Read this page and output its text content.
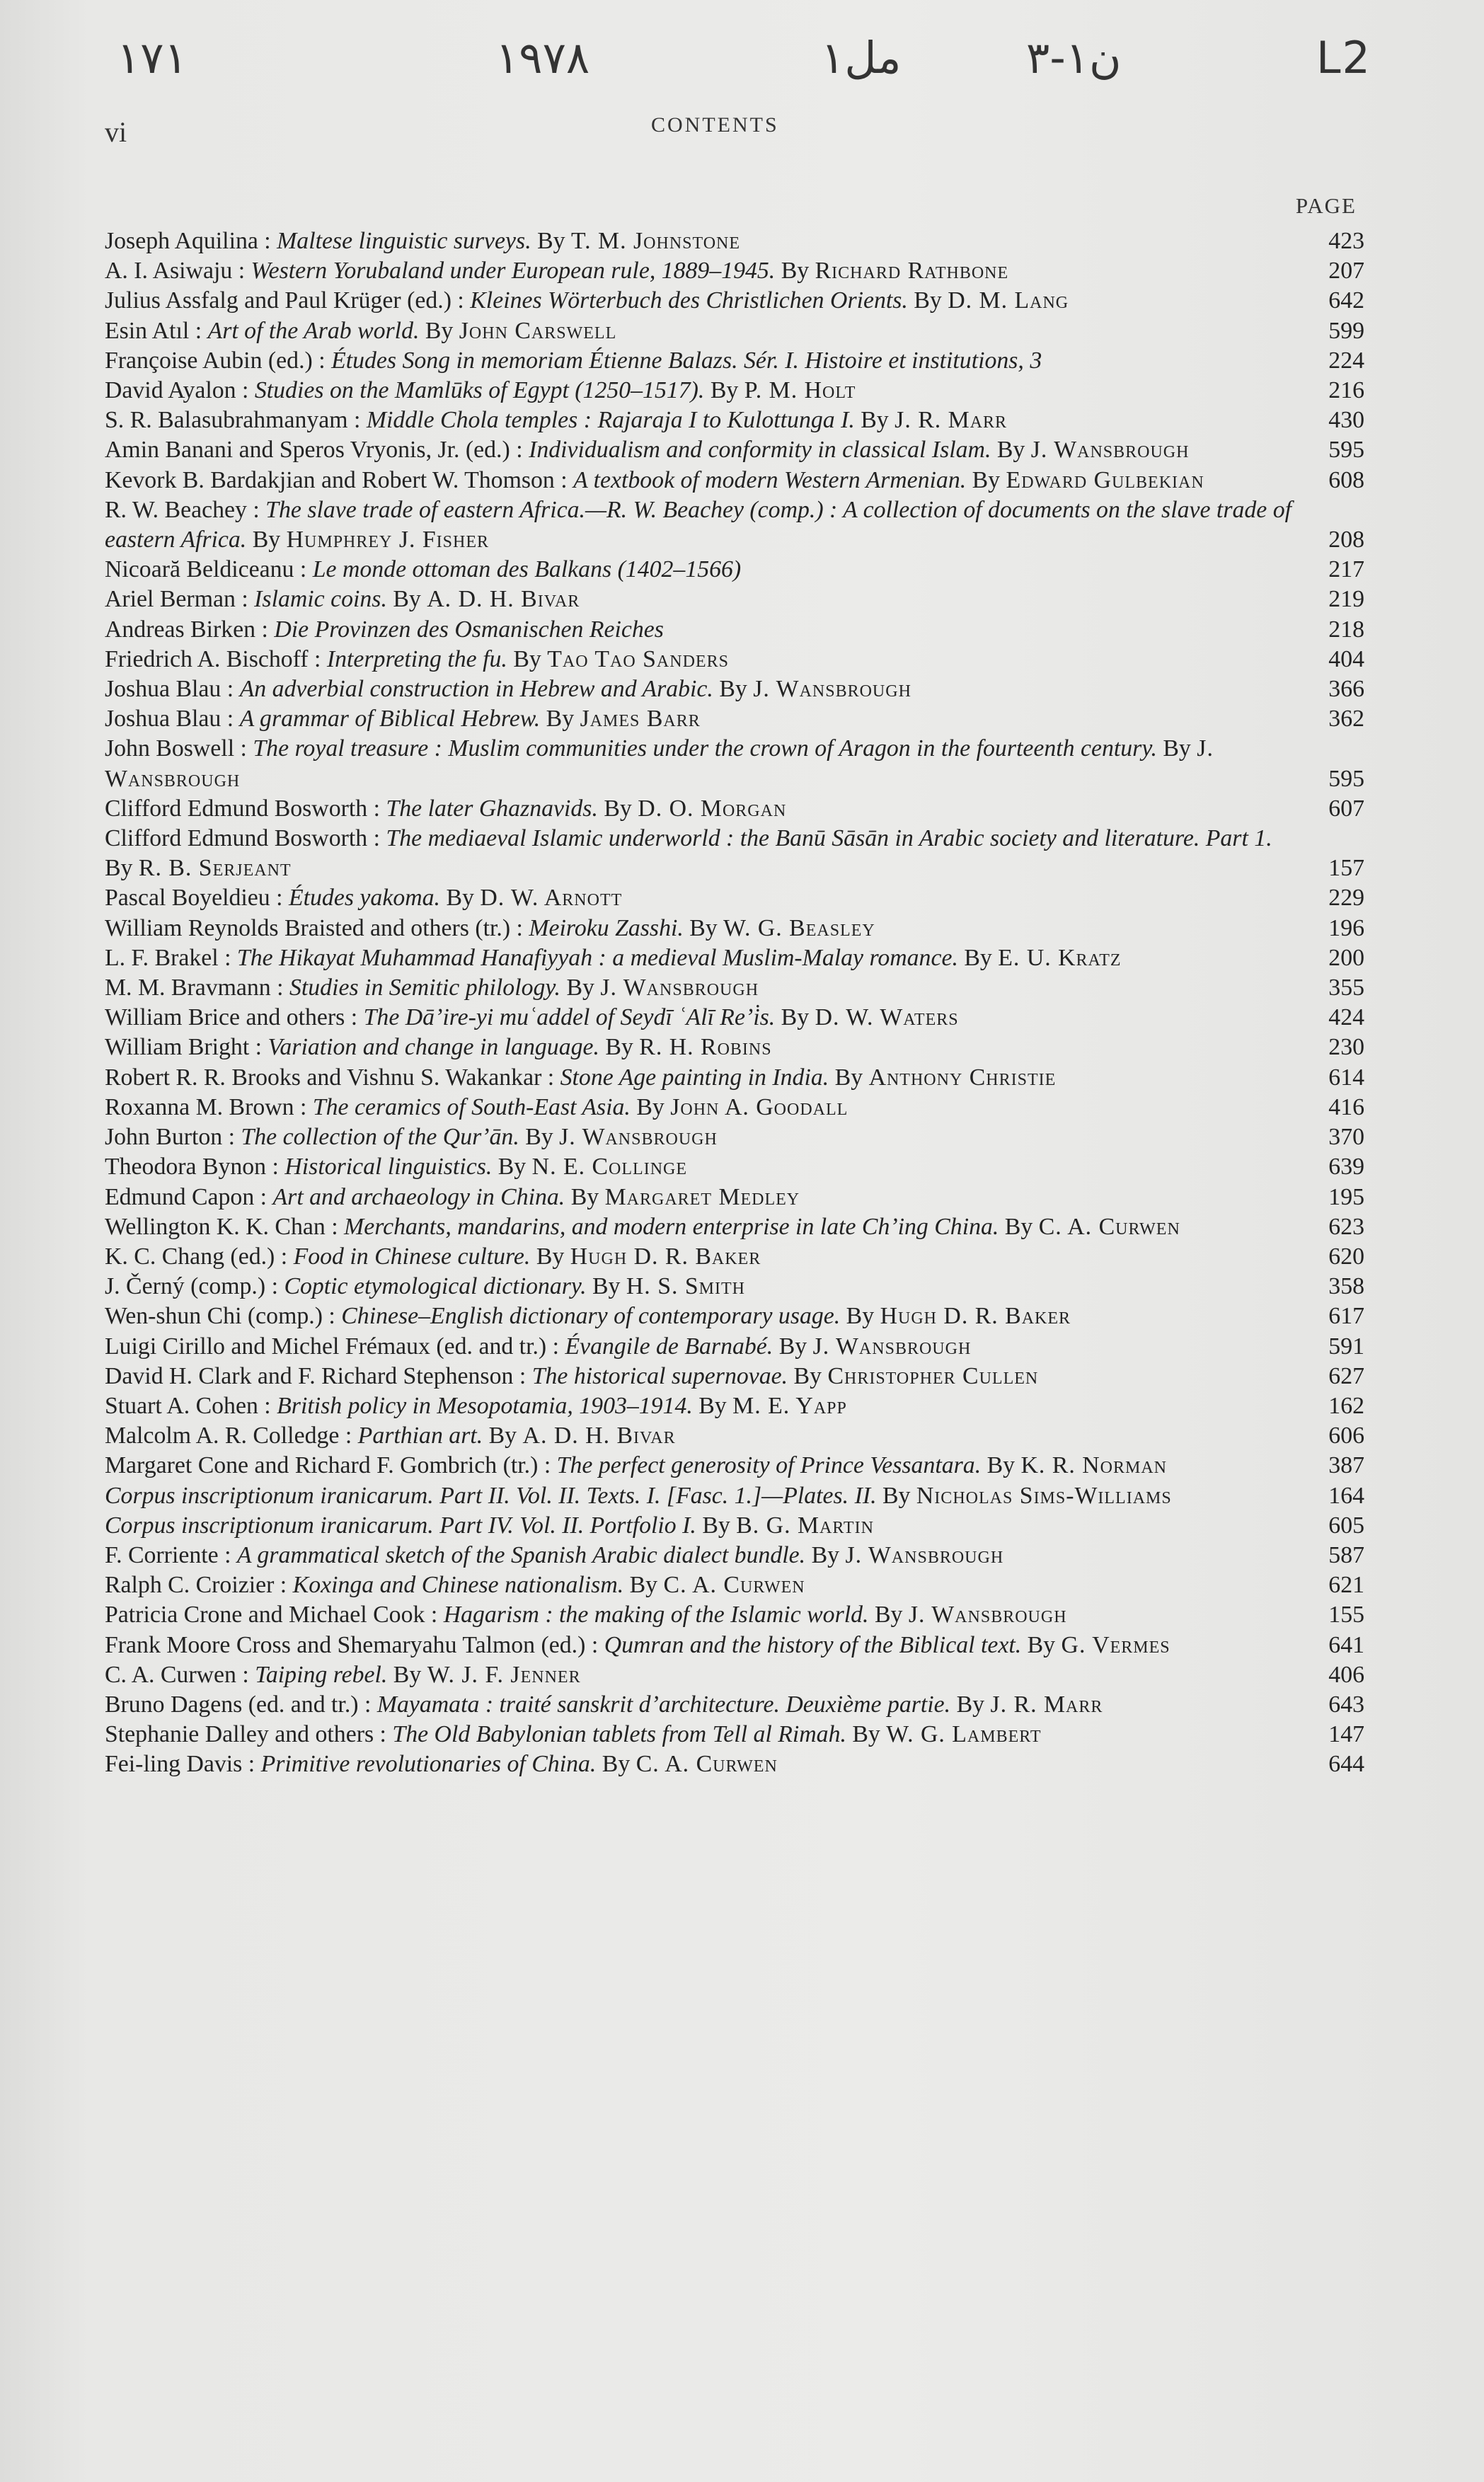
١٧١	١٩٧٨	مل١	ن١-٣	L2
vi	CONTENTS
PAGE
Joseph Aquilina : Maltese linguistic surveys. By T. M. Johnstone	423
A. I. Asiwaju : Western Yorubaland under European rule, 1889–1945. By Richard Rathbone	207
Julius Assfalg and Paul Krüger (ed.) : Kleines Wörterbuch des Christlichen Orients. By D. M. Lang	642
Esin Atıl : Art of the Arab world. By John Carswell	599
Françoise Aubin (ed.) : Études Song in memoriam Étienne Balazs. Sér. I. Histoire et institutions, 3	224
David Ayalon : Studies on the Mamlūks of Egypt (1250–1517). By P. M. Holt	216
S. R. Balasubrahmanyam : Middle Chola temples : Rajaraja I to Kulottunga I. By J. R. Marr	430
Amin Banani and Speros Vryonis, Jr. (ed.) : Individualism and conformity in classical Islam. By J. Wansbrough	595
Kevork B. Bardakjian and Robert W. Thomson : A textbook of modern Western Armenian. By Edward Gulbekian	608
R. W. Beachey : The slave trade of eastern Africa.—R. W. Beachey (comp.) : A collection of documents on the slave trade of eastern Africa. By Humphrey J. Fisher	208
Nicoară Beldiceanu : Le monde ottoman des Balkans (1402–1566)	217
Ariel Berman : Islamic coins. By A. D. H. Bivar	219
Andreas Birken : Die Provinzen des Osmanischen Reiches	218
Friedrich A. Bischoff : Interpreting the fu. By Tao Tao Sanders	404
Joshua Blau : An adverbial construction in Hebrew and Arabic. By J. Wansbrough	366
Joshua Blau : A grammar of Biblical Hebrew. By James Barr	362
John Boswell : The royal treasure : Muslim communities under the crown of Aragon in the fourteenth century. By J. Wansbrough	595
Clifford Edmund Bosworth : The later Ghaznavids. By D. O. Morgan	607
Clifford Edmund Bosworth : The mediaeval Islamic underworld : the Banū Sāsān in Arabic society and literature. Part 1. By R. B. Serjeant	157
Pascal Boyeldieu : Études yakoma. By D. W. Arnott	229
William Reynolds Braisted and others (tr.) : Meiroku Zasshi. By W. G. Beasley	196
L. F. Brakel : The Hikayat Muhammad Hanafiyyah : a medieval Muslim-Malay romance. By E. U. Kratz	200
M. M. Bravmann : Studies in Semitic philology. By J. Wansbrough	355
William Brice and others : The Dāʼire-yi muʿaddel of Seydī ʿAlī Reʼi̇s. By D. W. Waters	424
William Bright : Variation and change in language. By R. H. Robins	230
Robert R. R. Brooks and Vishnu S. Wakankar : Stone Age painting in India. By Anthony Christie	614
Roxanna M. Brown : The ceramics of South-East Asia. By John A. Goodall	416
John Burton : The collection of the Qurʼān. By J. Wansbrough	370
Theodora Bynon : Historical linguistics. By N. E. Collinge	639
Edmund Capon : Art and archaeology in China. By Margaret Medley	195
Wellington K. K. Chan : Merchants, mandarins, and modern enterprise in late Chʼing China. By C. A. Curwen	623
K. C. Chang (ed.) : Food in Chinese culture. By Hugh D. R. Baker	620
J. Černý (comp.) : Coptic etymological dictionary. By H. S. Smith	358
Wen-shun Chi (comp.) : Chinese–English dictionary of contemporary usage. By Hugh D. R. Baker	617
Luigi Cirillo and Michel Frémaux (ed. and tr.) : Évangile de Barnabé. By J. Wansbrough	591
David H. Clark and F. Richard Stephenson : The historical supernovae. By Christopher Cullen	627
Stuart A. Cohen : British policy in Mesopotamia, 1903–1914. By M. E. Yapp	162
Malcolm A. R. Colledge : Parthian art. By A. D. H. Bivar	606
Margaret Cone and Richard F. Gombrich (tr.) : The perfect generosity of Prince Vessantara. By K. R. Norman	387
Corpus inscriptionum iranicarum. Part II. Vol. II. Texts. I. [Fasc. 1.]—Plates. II. By Nicholas Sims-Williams	164
Corpus inscriptionum iranicarum. Part IV. Vol. II. Portfolio I. By B. G. Martin	605
F. Corriente : A grammatical sketch of the Spanish Arabic dialect bundle. By J. Wansbrough	587
Ralph C. Croizier : Koxinga and Chinese nationalism. By C. A. Curwen	621
Patricia Crone and Michael Cook : Hagarism : the making of the Islamic world. By J. Wansbrough	155
Frank Moore Cross and Shemaryahu Talmon (ed.) : Qumran and the history of the Biblical text. By G. Vermes	641
C. A. Curwen : Taiping rebel. By W. J. F. Jenner	406
Bruno Dagens (ed. and tr.) : Mayamata : traité sanskrit dʼarchitecture. Deuxième partie. By J. R. Marr	643
Stephanie Dalley and others : The Old Babylonian tablets from Tell al Rimah. By W. G. Lambert	147
Fei-ling Davis : Primitive revolutionaries of China. By C. A. Curwen	644
